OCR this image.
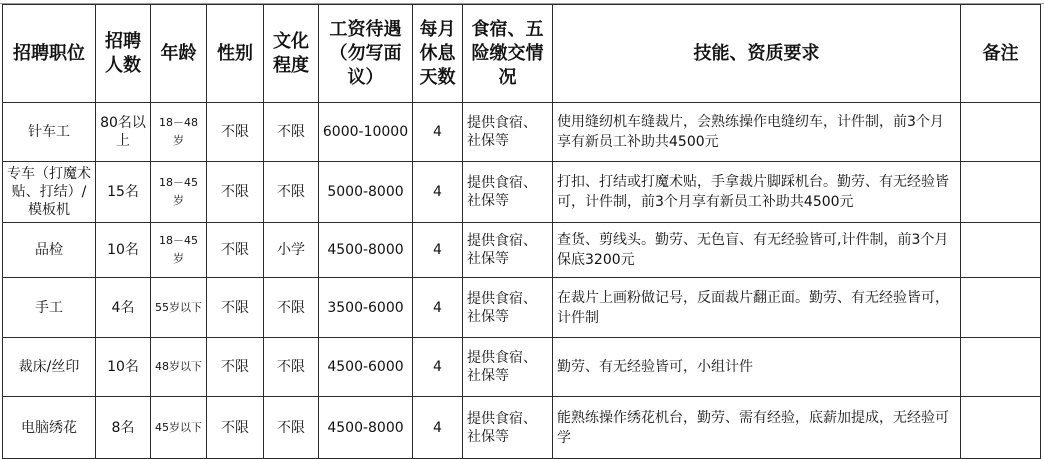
招聘职位	招聘人数	年龄	性别	文化程度	工资待遇（勿写面议）	每月休息天数	食宿、五险缴交情况	技能、资质要求	备注
针车工	80名以上	18－48岁	不限	不限	6000-10000	4	提供食宿、社保等	使用缝纫机车缝裁片，会熟练操作电缝纫车，计件制，前3个月享有新员工补助共4500元	
专车（打魔术贴、打结）/模板机	15名	18－45岁	不限	不限	5000-8000	4	提供食宿、社保等	打扣、打结或打魔术贴，手拿裁片脚踩机台。勤劳、有无经验皆可，计件制，前3个月享有新员工补助共4500元	
品检	10名	18－45岁	不限	小学	4500-8000	4	提供食宿、社保等	查货、剪线头。勤劳、无色盲、有无经验皆可,计件制，前3个月保底3200元	
手工	4名	55岁以下	不限	不限	3500-6000	4	提供食宿、社保等	在裁片上画粉做记号，反面裁片翻正面。勤劳、有无经验皆可，计件制	
裁床/丝印	10名	48岁以下	不限	不限	4500-6000	4	提供食宿、社保等	勤劳、有无经验皆可，小组计件	
电脑绣花	8名	45岁以下	不限	不限	4500-8000	4	提供食宿、社保等	能熟练操作绣花机台，勤劳、需有经验，底薪加提成，无经验可学	
